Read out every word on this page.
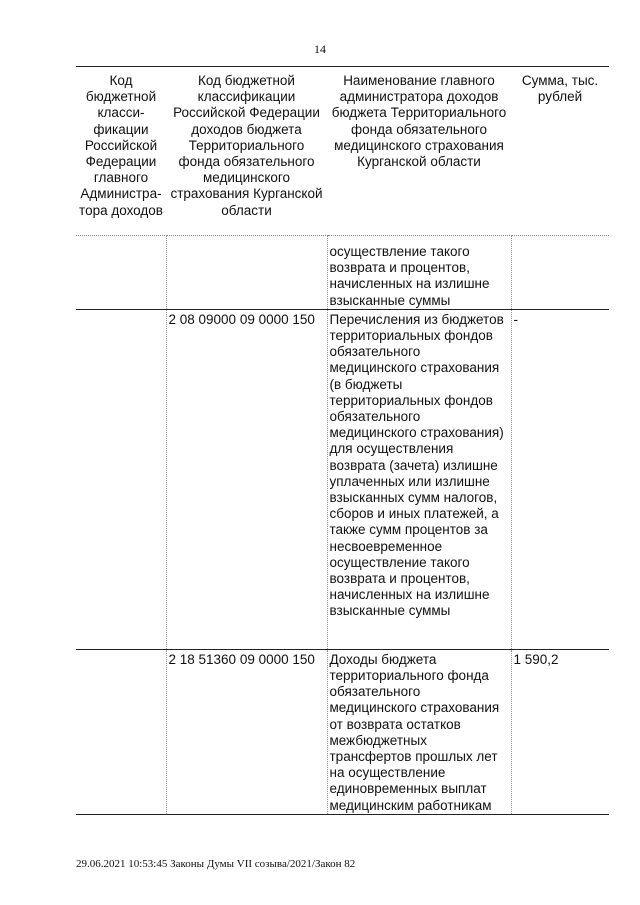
14
Код бюджетной класси-фикации Российской Федерации главного Администра-тора доходов	Код бюджетной классификации Российской Федерации доходов бюджета Территориального фонда обязательного медицинского страхования Курганской области	Наименование главного администратора доходов бюджета Территориального фонда обязательного медицинского страхования Курганской области	Сумма, тыс. рублей
		осуществление такого возврата и процентов, начисленных на излишне взысканные суммы	
	2 08 09000 09 0000 150	Перечисления из бюджетов территориальных фондов обязательного медицинского страхования (в бюджеты территориальных фондов обязательного медицинского страхования) для осуществления возврата (зачета) излишне уплаченных или излишне взысканных сумм налогов, сборов и иных платежей, а также сумм процентов за несвоевременное осуществление такого возврата и процентов, начисленных на излишне взысканные суммы	-
	2 18 51360 09 0000 150	Доходы бюджета территориального фонда обязательного медицинского страхования от возврата остатков межбюджетных трансфертов прошлых лет на осуществление единовременных выплат медицинским работникам	1 590,2
29.06.2021 10:53:45 Законы Думы VII созыва/2021/Закон 82
